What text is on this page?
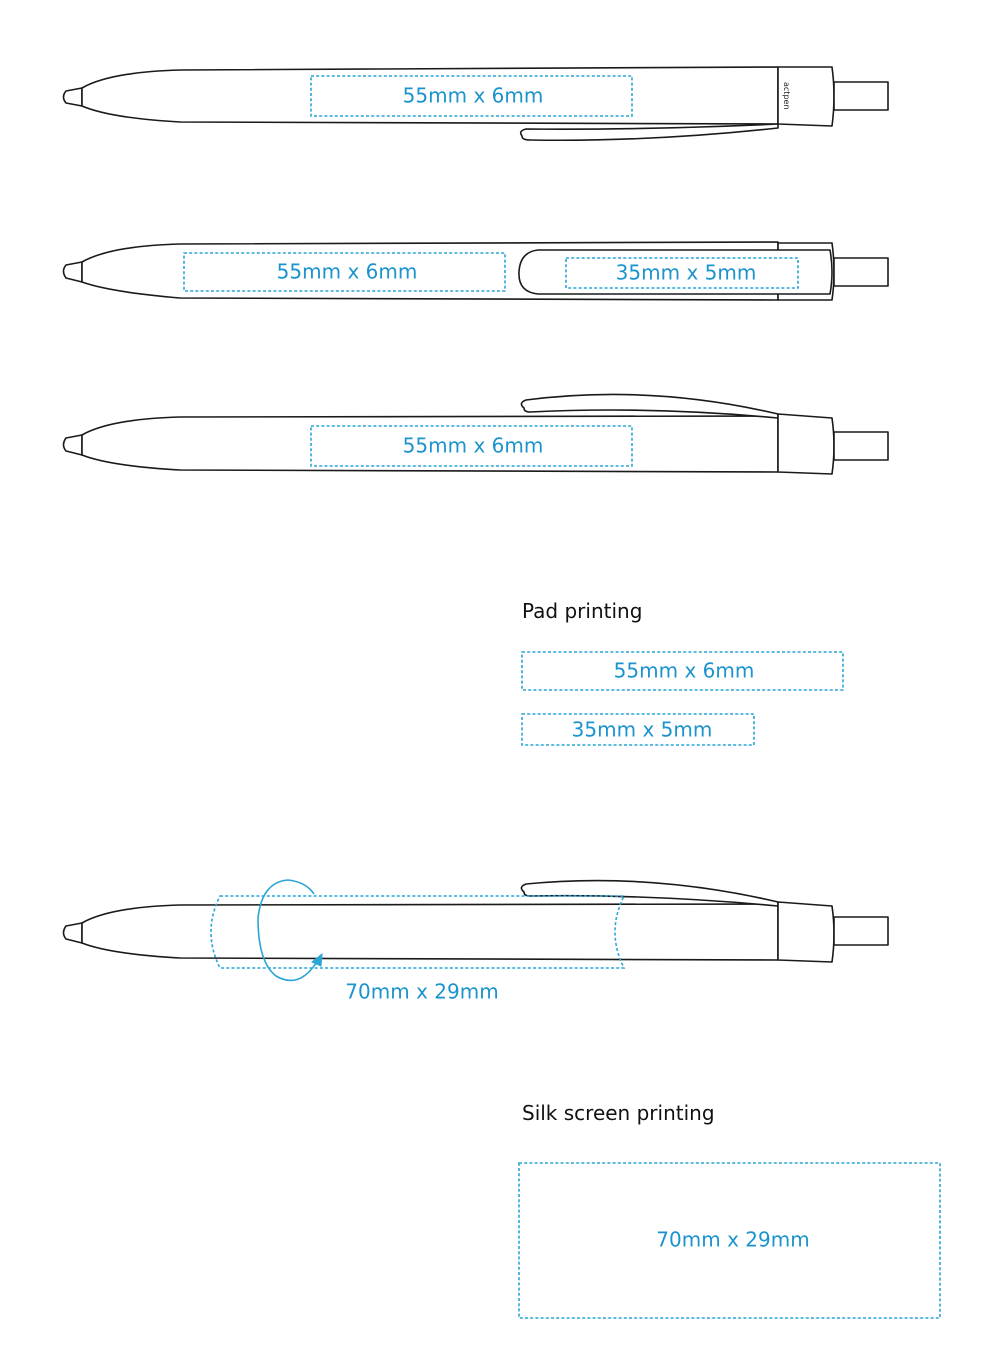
actpen
55mm x 6mm
55mm x 6mm	35mm x 5mm
55mm x 6mm
Pad printing
55mm x 6mm
35mm x 5mm
70mm x 29mm
Silk screen printing
70mm x 29mm
